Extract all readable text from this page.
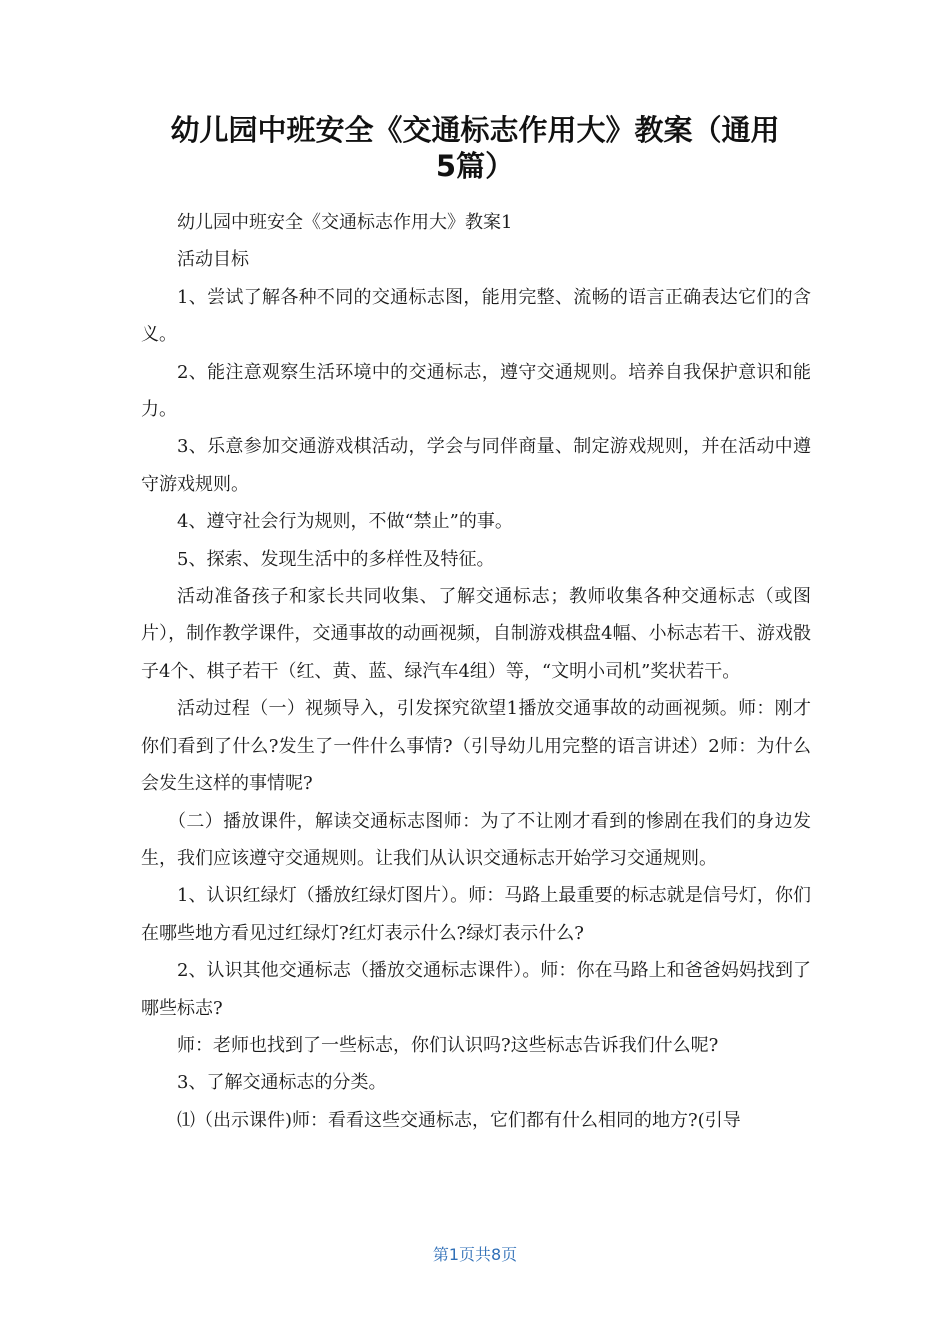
幼儿园中班安全《交通标志作用大》教案（通用
5篇）

幼儿园中班安全《交通标志作用大》教案1

活动目标

1、尝试了解各种不同的交通标志图，能用完整、流畅的语言正确表达它们的含义。

2、能注意观察生活环境中的交通标志，遵守交通规则。培养自我保护意识和能力。

3、乐意参加交通游戏棋活动，学会与同伴商量、制定游戏规则，并在活动中遵守游戏规则。

4、遵守社会行为规则，不做“禁止”的事。

5、探索、发现生活中的多样性及特征。

活动准备孩子和家长共同收集、了解交通标志；教师收集各种交通标志（或图片），制作教学课件，交通事故的动画视频，自制游戏棋盘4幅、小标志若干、游戏骰子4个、棋子若干（红、黄、蓝、绿汽车4组）等，“文明小司机”奖状若干。

活动过程（一）视频导入，引发探究欲望1播放交通事故的动画视频。师：刚才你们看到了什么?发生了一件什么事情?（引导幼儿用完整的语言讲述）2师：为什么会发生这样的事情呢?

（二）播放课件，解读交通标志图师：为了不让刚才看到的惨剧在我们的身边发生，我们应该遵守交通规则。让我们从认识交通标志开始学习交通规则。

1、认识红绿灯（播放红绿灯图片）。师：马路上最重要的标志就是信号灯，你们在哪些地方看见过红绿灯?红灯表示什么?绿灯表示什么?

2、认识其他交通标志（播放交通标志课件）。师：你在马路上和爸爸妈妈找到了哪些标志?

师：老师也找到了一些标志，你们认识吗?这些标志告诉我们什么呢?

3、了解交通标志的分类。

⑴（出示课件)师：看看这些交通标志，它们都有什么相同的地方?(引导

第1页共8页
